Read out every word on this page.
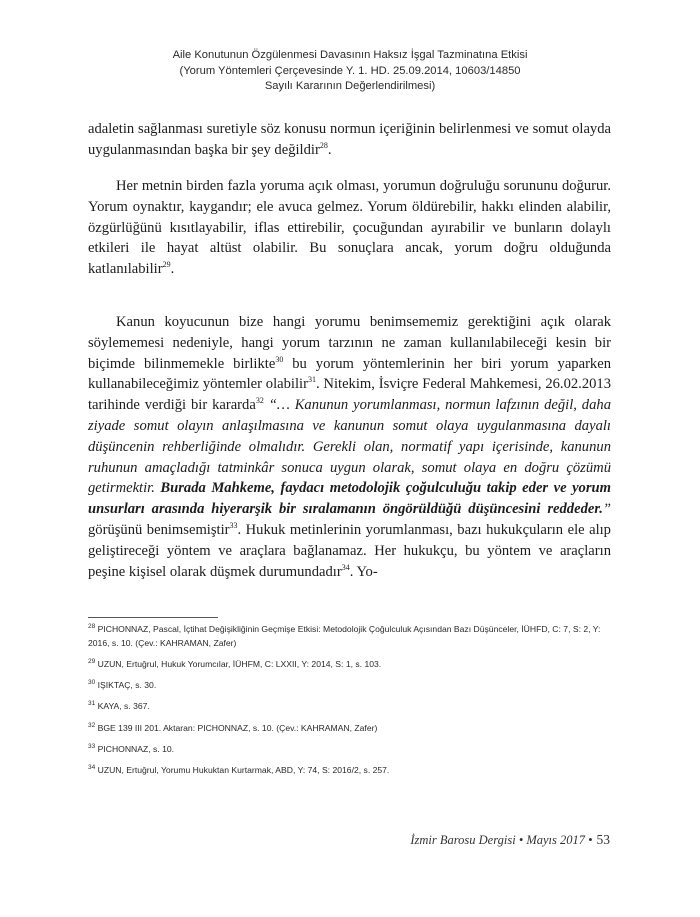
Aile Konutunun Özgülenmesi Davasının Haksız İşgal Tazminatına Etkisi
(Yorum Yöntemleri Çerçevesinde Y. 1. HD. 25.09.2014, 10603/14850
Sayılı Kararının Değerlendirilmesi)

adaletin sağlanması suretiyle söz konusu normun içeriğinin belirlenmesi ve somut olayda uygulanmasından başka bir şey değildir$^{28}$.

Her metnin birden fazla yoruma açık olması, yorumun doğruluğu sorununu doğurur. Yorum oynaktır, kaygandır; ele avuca gelmez. Yorum öldürebilir, hakkı elinden alabilir, özgürlüğünü kısıtlayabilir, iflas ettirebilir, çocuğundan ayırabilir ve bunların dolaylı etkileri ile hayat altüst olabilir. Bu sonuçlara ancak, yorum doğru olduğunda katlanılabilir$^{29}$.

Kanun koyucunun bize hangi yorumu benimsememiz gerektiğini açık olarak söylememesi nedeniyle, hangi yorum tarzının ne zaman kullanılabileceği kesin bir biçimde bilinmemekle birlikte$^{30}$ bu yorum yöntemlerinin her biri yorum yaparken kullanabileceğimiz yöntemler olabilir$^{31}$. Nitekim, İsviçre Federal Mahkemesi, 26.02.2013 tarihinde verdiği bir kararda$^{32}$ “… Kanunun yorumlanması, normun lafzının değil, daha ziyade somut olayın anlaşılmasına ve kanunun somut olaya uygulanmasına dayalı düşüncenin rehberliğinde olmalıdır. Gerekli olan, normatif yapı içerisinde, kanunun ruhunun amaçladığı tatminkâr sonuca uygun olarak, somut olaya en doğru çözümü getirmektir. Burada Mahkeme, faydacı metodolojik çoğulculuğu takip eder ve yorum unsurları arasında hiyerarşik bir sıralamanın öngörüldüğü düşüncesini reddeder.” görüşünü benimsemiştir$^{33}$. Hukuk metinlerinin yorumlanması, bazı hukukçuların ele alıp geliştireceği yöntem ve araçlara bağlanamaz. Her hukukçu, bu yöntem ve araçların peşine kişisel olarak düşmek durumundadır$^{34}$. Yo-

$^{28}$ PICHONNAZ, Pascal, İçtihat Değişikliğinin Geçmişe Etkisi: Metodolojik Çoğulculuk Açısından Bazı Düşünceler, İÜHFD, C: 7, S: 2, Y: 2016, s. 10. (Çev.: KAHRAMAN, Zafer)
$^{29}$ UZUN, Ertuğrul, Hukuk Yorumcılar, İÜHFM, C: LXXII, Y: 2014, S: 1, s. 103.
$^{30}$ IŞIKTAÇ, s. 30.
$^{31}$ KAYA, s. 367.
$^{32}$ BGE 139 III 201. Aktaran: PICHONNAZ, s. 10. (Çev.: KAHRAMAN, Zafer)
$^{33}$ PICHONNAZ, s. 10.
$^{34}$ UZUN, Ertuğrul, Yorumu Hukuktan Kurtarmak, ABD, Y: 74, S: 2016/2, s. 257.
İzmir Barosu Dergisi • Mayıs 2017 • 53
